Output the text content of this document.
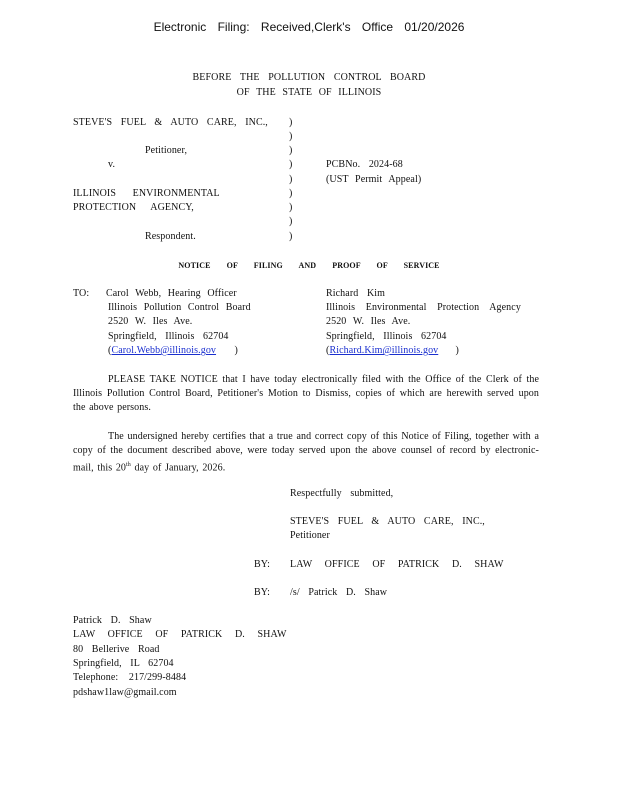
Electronic Filing: Received,Clerk's Office 01/20/2026
BEFORE THE POLLUTION CONTROL BOARD
OF THE STATE OF ILLINOIS
STEVE'S FUEL & AUTO CARE, INC.,
Petitioner,
v.
ILLINOIS ENVIRONMENTAL
PROTECTION AGENCY,
Respondent.
)
)
)
)
)
)
)
)
)
PCBNo. 2024-68
(UST Permit Appeal)
NOTICE OF FILING AND PROOF OF SERVICE
TO: Carol Webb, Hearing Officer
Illinois Pollution Control Board
2520 W. Iles Ave.
Springfield, Illinois 62704
(Carol.Webb@illinois.gov )
Richard Kim
Illinois Environmental Protection Agency
2520 W. Iles Ave.
Springfield, Illinois 62704
(Richard.Kim@illinois.gov )
PLEASE TAKE NOTICE that I have today electronically filed with the Office of the Clerk of the Illinois Pollution Control Board, Petitioner's Motion to Dismiss, copies of which are herewith served upon the above persons.
The undersigned hereby certifies that a true and correct copy of this Notice of Filing, together with a copy of the document described above, were today served upon the above counsel of record by electronic-mail, this 20th day of January, 2026.
Respectfully submitted,
STEVE'S FUEL & AUTO CARE, INC.,
Petitioner
BY: LAW OFFICE OF PATRICK D. SHAW
BY: /s/ Patrick D. Shaw
Patrick D. Shaw
LAW OFFICE OF PATRICK D. SHAW
80 Bellerive Road
Springfield, IL 62704
Telephone: 217/299-8484
pdshaw1law@gmail.com
